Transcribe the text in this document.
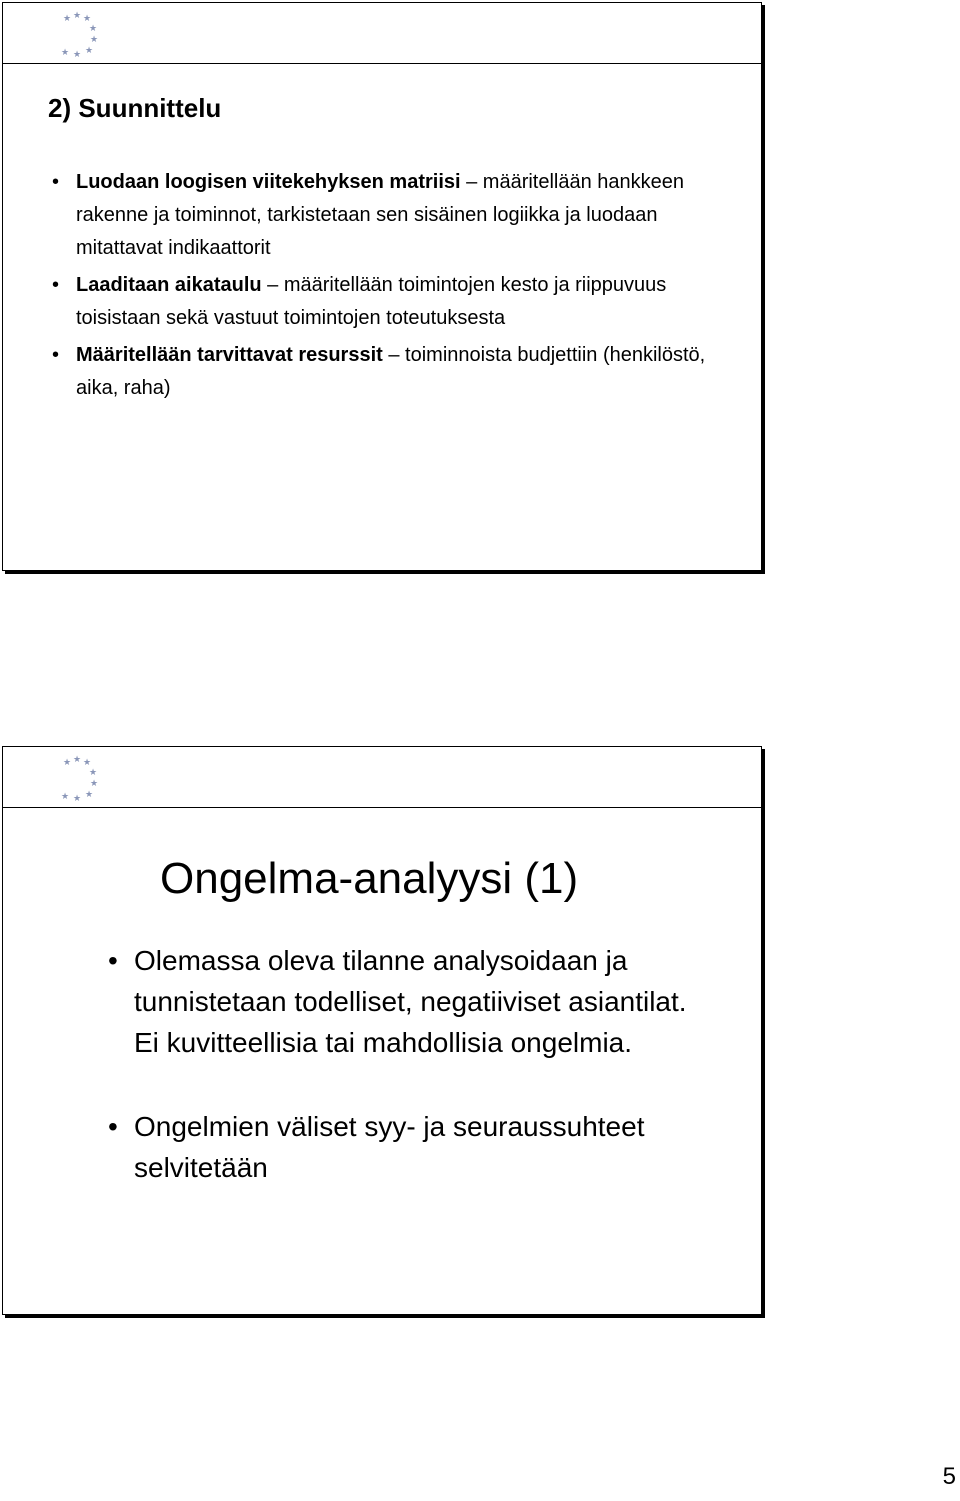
★ ★ ★
★
★
★
★
★
2) Suunnittelu
• Luodaan loogisen viitekehyksen matriisi – määritellään hankkeen rakenne ja toiminnot, tarkistetaan sen sisäinen logiikka ja luodaan mitattavat indikaattorit
• Laaditaan aikataulu – määritellään toimintojen kesto ja riippuvuus toisistaan sekä vastuut toimintojen toteutuksesta
• Määritellään tarvittavat resurssit – toiminnoista budjettiin (henkilöstö, aika, raha)
★ ★ ★
★
★
★
★
★
Ongelma-analyysi (1)
• Olemassa oleva tilanne analysoidaan ja tunnistetaan todelliset, negatiiviset asiantilat. Ei kuvitteellisia tai mahdollisia ongelmia.
• Ongelmien väliset syy- ja seuraussuhteet selvitetään
5
